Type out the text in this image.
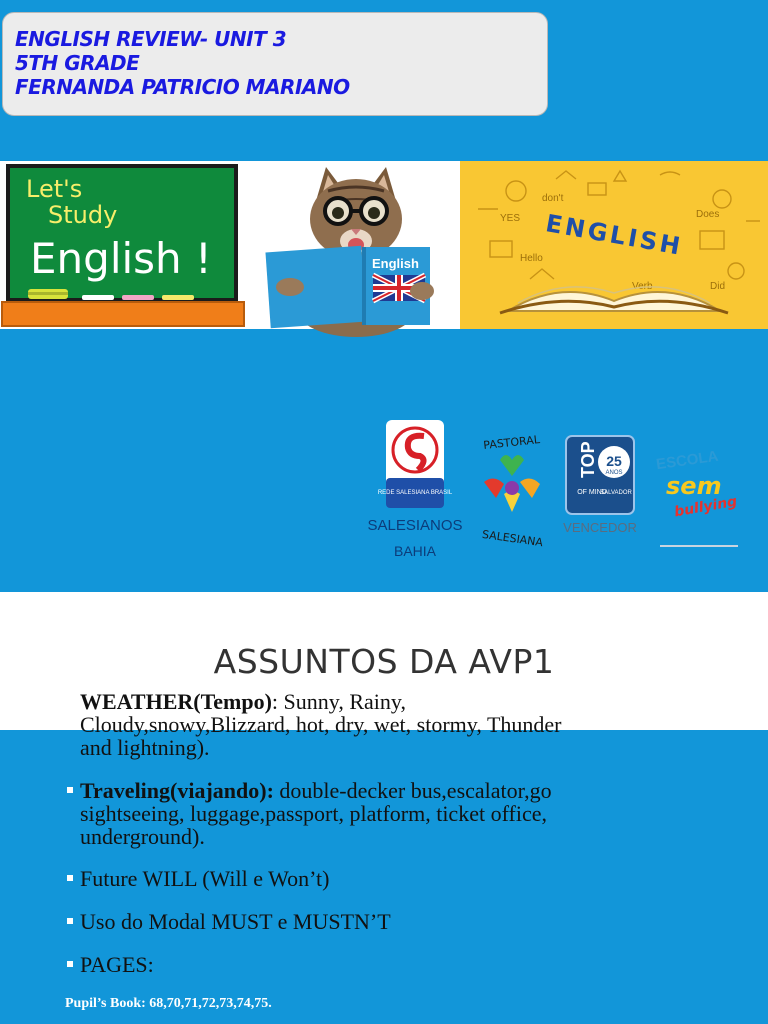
ENGLISH REVIEW- UNIT 3
5TH GRADE
FERNANDA PATRICIO MARIANO
Let's
Study
English !	English
YES	Does
don't
Did
Verb
Hello ENGLISH
REDE SALESIANA BRASIL
SALESIANOS
BAHIA
PASTORAL
SALESIANA
TOP 25
ANOS
OF MIND
SALVADOR
VENCEDOR
ESCOLA
sem
bullying
ASSUNTOS DA AVP1
WEATHER(Tempo): Sunny, Rainy,
Cloudy,snowy,Blizzard, hot, dry, wet, stormy, Thunder
and lightning).
Traveling(viajando): double-decker bus,escalator,go
sightseeing, luggage,passport, platform, ticket office,
underground).
Future WILL (Will e Won’t)
Uso do Modal MUST e MUSTN’T
PAGES:
Pupil’s Book: 68,70,71,72,73,74,75.
